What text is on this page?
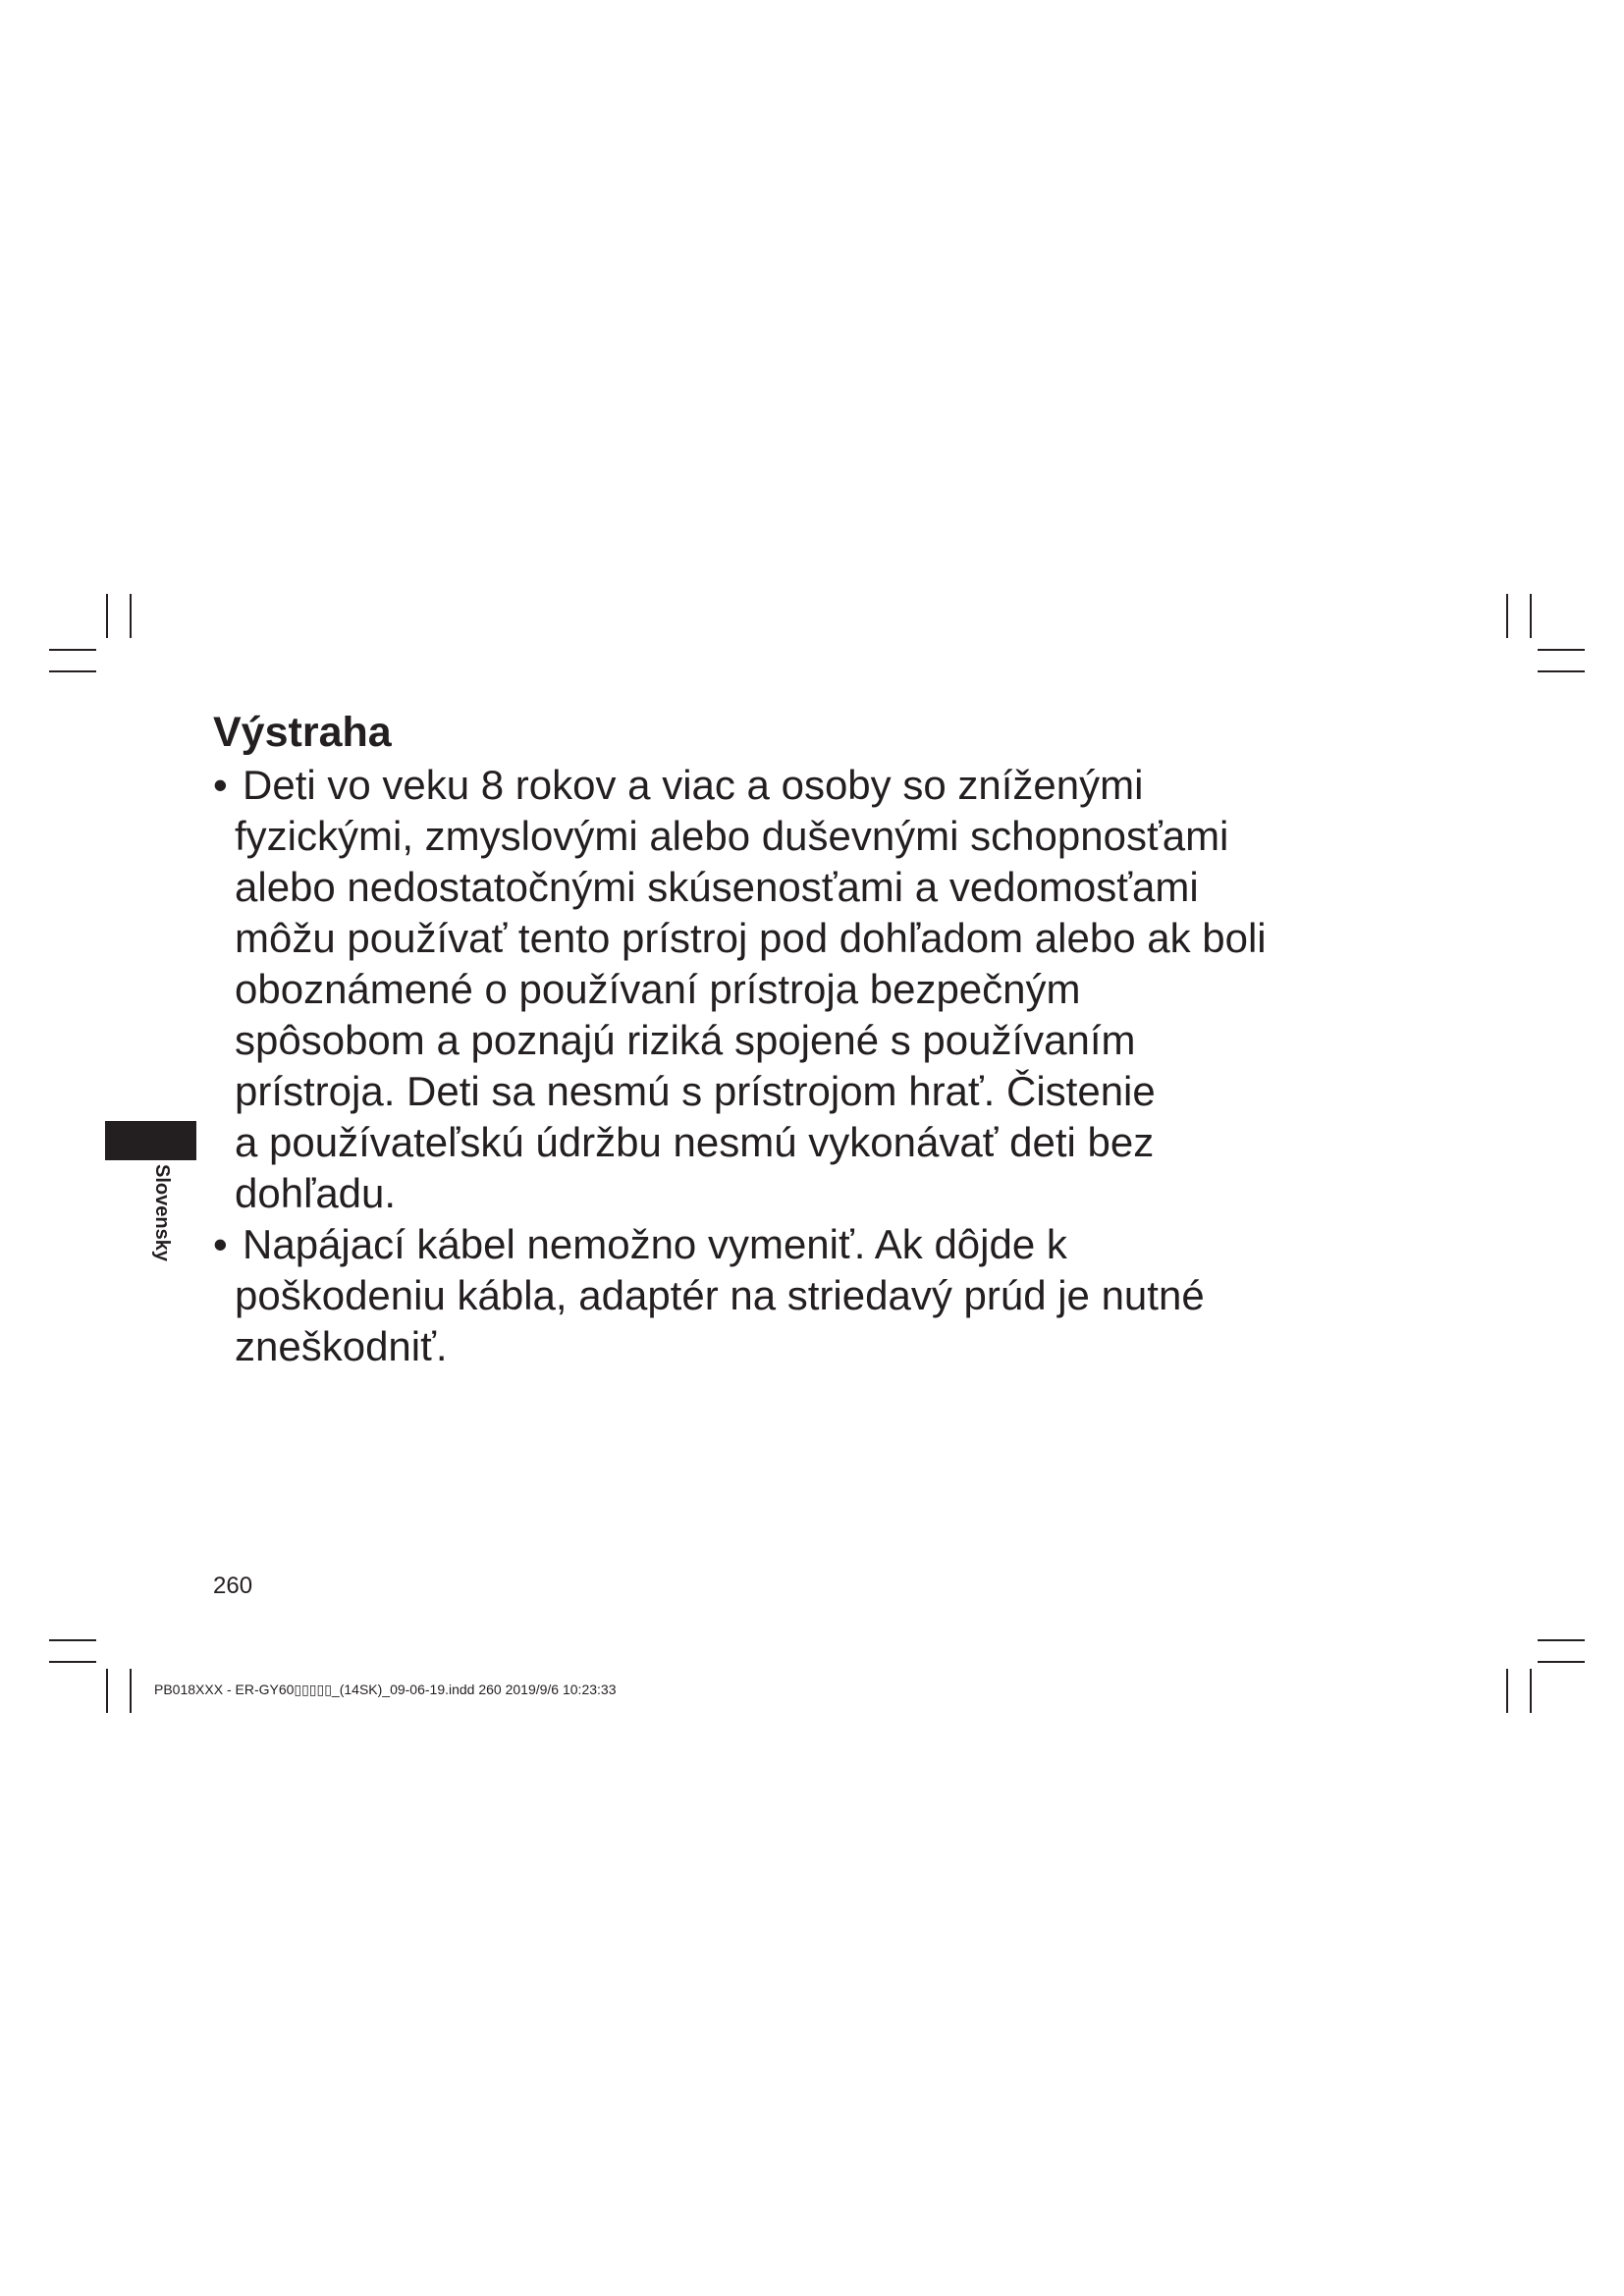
Výstraha
• Deti vo veku 8 rokov a viac a osoby so zníženými
fyzickými, zmyslovými alebo duševnými schopnosťami
alebo nedostatočnými skúsenosťami a vedomosťami
môžu používať tento prístroj pod dohľadom alebo ak boli
oboznámené o používaní prístroja bezpečným
spôsobom a poznajú riziká spojené s používaním
prístroja. Deti sa nesmú s prístrojom hrať. Čistenie
a používateľskú údržbu nesmú vykonávať deti bez
dohľadu.
• Napájací kábel nemožno vymeniť. Ak dôjde k
poškodeniu kábla, adaptér na striedavý prúd je nutné
zneškodniť.
Slovensky
260
PB018XXX - ER-GY60▯▯▯▯▯_(14SK)_09-06-19.indd 260 2019/9/6 10:23:33
